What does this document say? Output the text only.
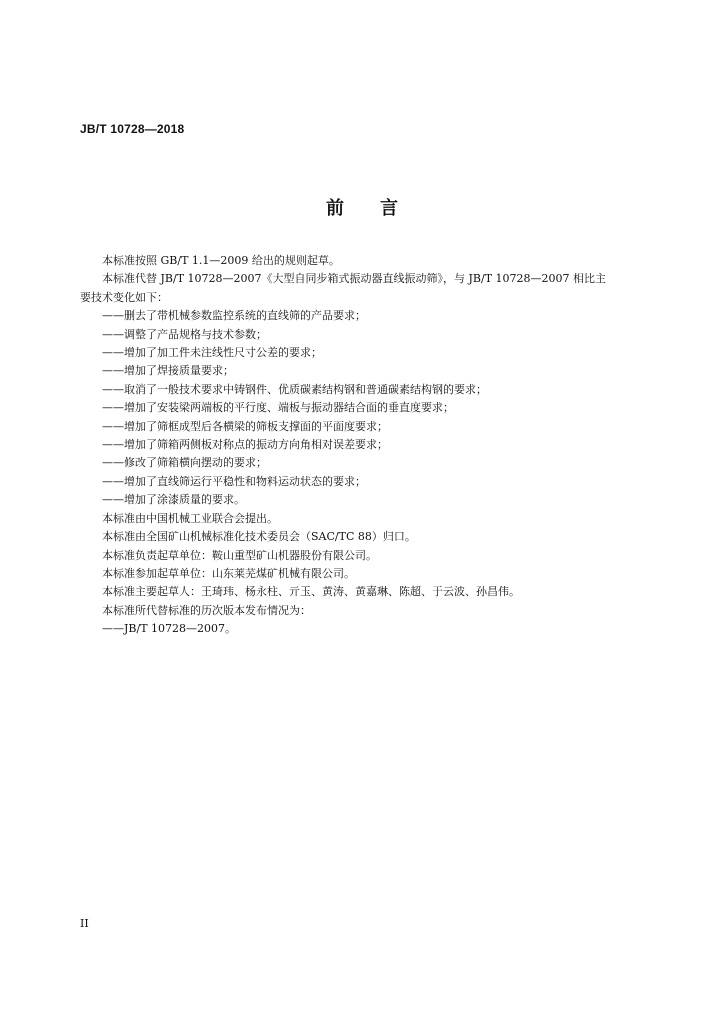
JB/T 10728—2018
前 言

本标准按照 GB/T 1.1—2009 给出的规则起草。

本标准代替 JB/T 10728—2007《大型自同步箱式振动器直线振动筛》，与 JB/T 10728—2007 相比主

要技术变化如下：

——删去了带机械参数监控系统的直线筛的产品要求；

——调整了产品规格与技术参数；

——增加了加工件未注线性尺寸公差的要求；

——增加了焊接质量要求；

——取消了一般技术要求中铸钢件、优质碳素结构钢和普通碳素结构钢的要求；

——增加了安装梁两端板的平行度、端板与振动器结合面的垂直度要求；

——增加了筛框成型后各横梁的筛板支撑面的平面度要求；

——增加了筛箱两侧板对称点的振动方向角相对误差要求；

——修改了筛箱横向摆动的要求；

——增加了直线筛运行平稳性和物料运动状态的要求；

——增加了涂漆质量的要求。

本标准由中国机械工业联合会提出。

本标准由全国矿山机械标准化技术委员会（SAC/TC 88）归口。

本标准负责起草单位：鞍山重型矿山机器股份有限公司。

本标准参加起草单位：山东莱芜煤矿机械有限公司。

本标准主要起草人：王琦玮、杨永柱、亓玉、黄涛、黄嘉琳、陈超、于云波、孙昌伟。

本标准所代替标准的历次版本发布情况为：

——JB/T 10728—2007。

II
